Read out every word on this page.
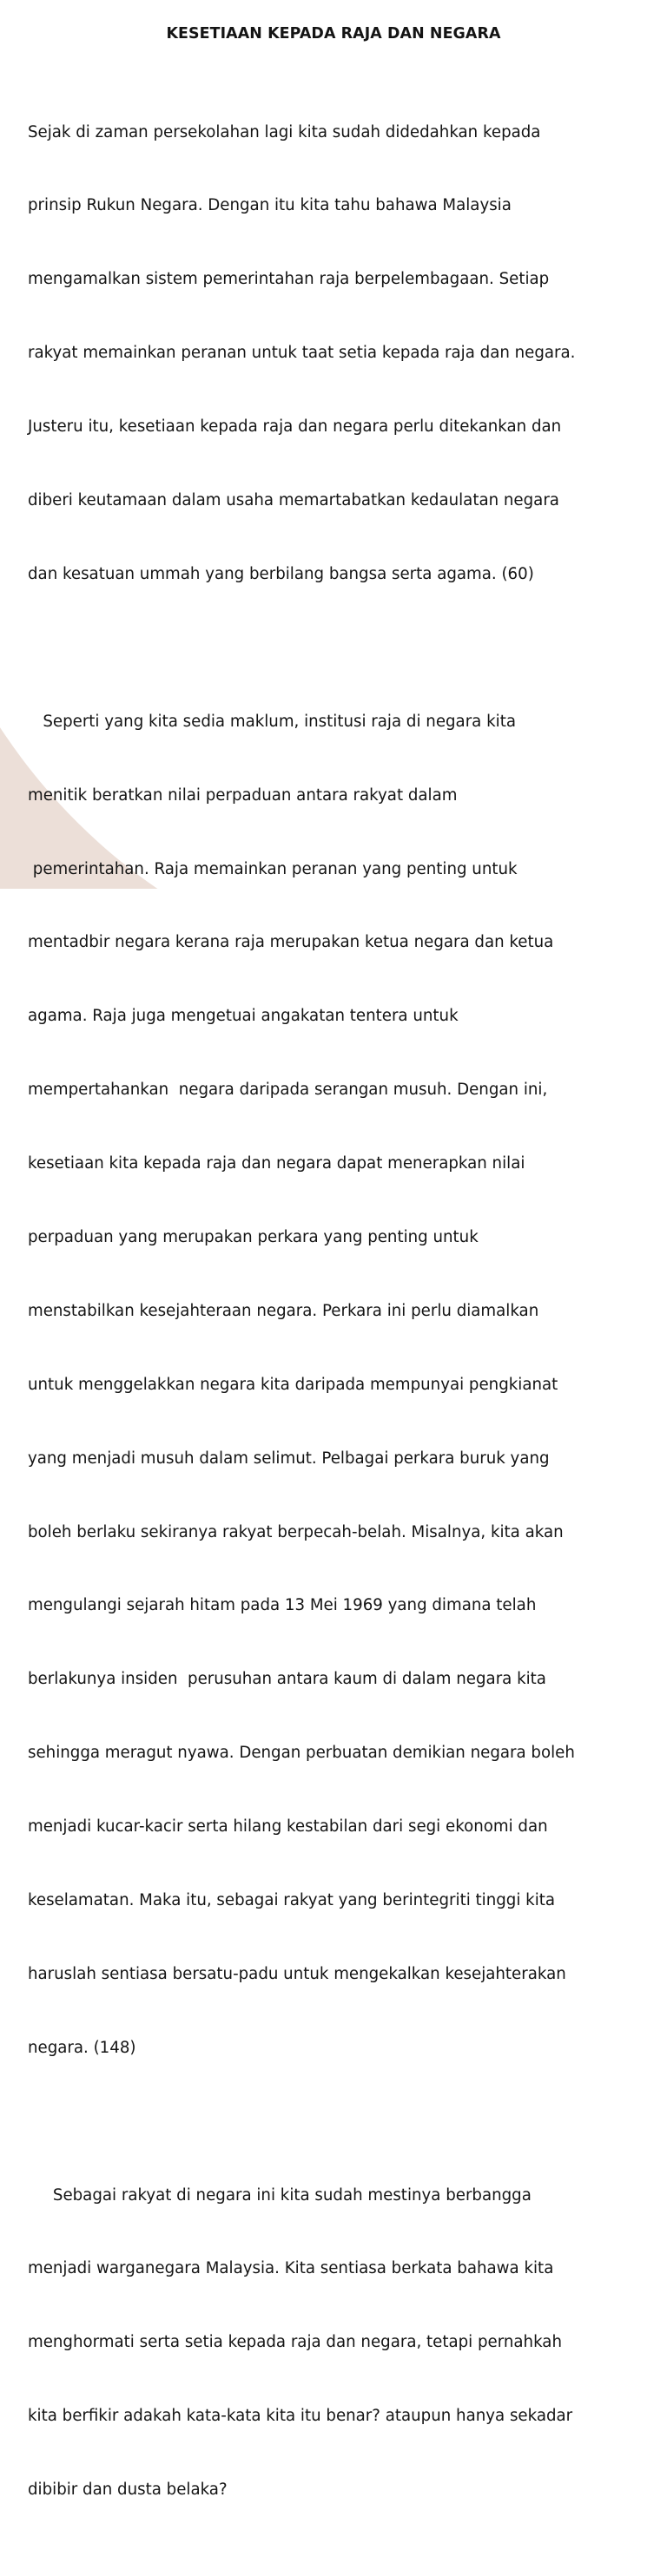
KESETIAAN KEPADA RAJA DAN NEGARA

Sejak di zaman persekolahan lagi kita sudah didedahkan kepada

prinsip Rukun Negara. Dengan itu kita tahu bahawa Malaysia

mengamalkan sistem pemerintahan raja berpelembagaan. Setiap

rakyat memainkan peranan untuk taat setia kepada raja dan negara.

Justeru itu, kesetiaan kepada raja dan negara perlu ditekankan dan

diberi keutamaan dalam usaha memartabatkan kedaulatan negara

dan kesatuan ummah yang berbilang bangsa serta agama. (60)

Seperti yang kita sedia maklum, institusi raja di negara kita

menitik beratkan nilai perpaduan antara rakyat dalam

pemerintahan. Raja memainkan peranan yang penting untuk

mentadbir negara kerana raja merupakan ketua negara dan ketua

agama. Raja juga mengetuai angakatan tentera untuk

mempertahankan  negara daripada serangan musuh. Dengan ini,

kesetiaan kita kepada raja dan negara dapat menerapkan nilai

perpaduan yang merupakan perkara yang penting untuk

menstabilkan kesejahteraan negara. Perkara ini perlu diamalkan

untuk menggelakkan negara kita daripada mempunyai pengkianat

yang menjadi musuh dalam selimut. Pelbagai perkara buruk yang

boleh berlaku sekiranya rakyat berpecah-belah. Misalnya, kita akan

mengulangi sejarah hitam pada 13 Mei 1969 yang dimana telah

berlakunya insiden  perusuhan antara kaum di dalam negara kita

sehingga meragut nyawa. Dengan perbuatan demikian negara boleh

menjadi kucar-kacir serta hilang kestabilan dari segi ekonomi dan

keselamatan. Maka itu, sebagai rakyat yang berintegriti tinggi kita

haruslah sentiasa bersatu-padu untuk mengekalkan kesejahterakan

negara. (148)

Sebagai rakyat di negara ini kita sudah mestinya berbangga

menjadi warganegara Malaysia. Kita sentiasa berkata bahawa kita

menghormati serta setia kepada raja dan negara, tetapi pernahkah

kita berfikir adakah kata-kata kita itu benar? ataupun hanya sekadar

dibibir dan dusta belaka?
